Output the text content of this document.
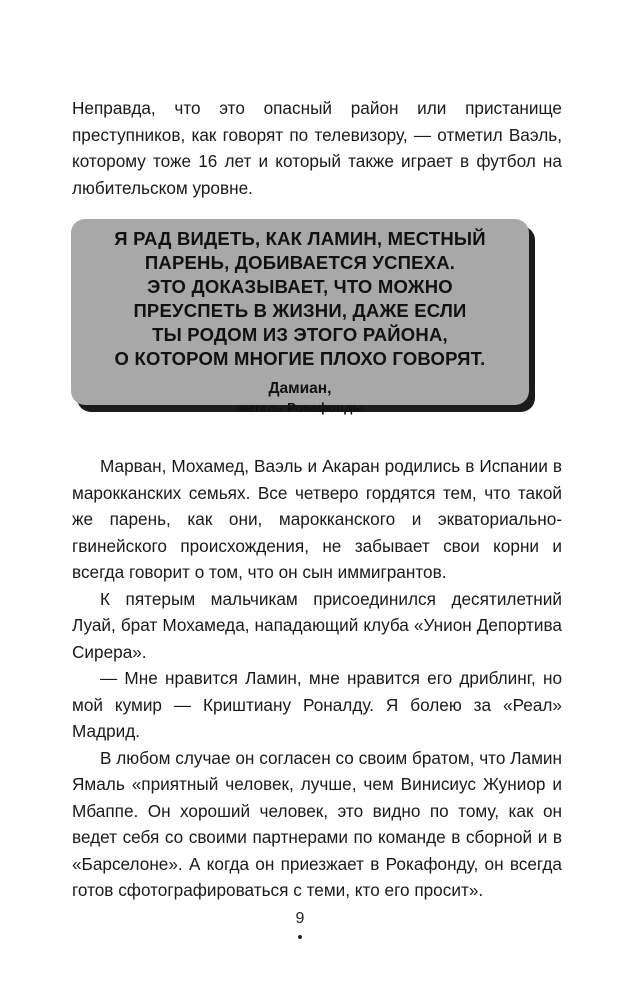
Неправда, что это опасный район или пристанище преступников, как говорят по телевизору, — отметил Ваэль, которому тоже 16 лет и который также играет в футбол на любительском уровне.

Я РАД ВИДЕТЬ, КАК ЛАМИН, МЕСТНЫЙ
ПАРЕНЬ, ДОБИВАЕТСЯ УСПЕХА.
ЭТО ДОКАЗЫВАЕТ, ЧТО МОЖНО
ПРЕУСПЕТЬ В ЖИЗНИ, ДАЖЕ ЕСЛИ
ТЫ РОДОМ ИЗ ЭТОГО РАЙОНА,
О КОТОРОМ МНОГИЕ ПЛОХО ГОВОРЯТ.
Дамиан,
житель Рокафонды

Марван, Мохамед, Ваэль и Акаран родились в Испании в марокканских семьях. Все четверо гордятся тем, что такой же парень, как они, марокканского и экваториально-гвинейского происхождения, не забывает свои корни и всегда говорит о том, что он сын иммигрантов.

К пятерым мальчикам присоединился десятилетний Луай, брат Мохамеда, нападающий клуба «Унион Депортива Сирера».

— Мне нравится Ламин, мне нравится его дриблинг, но мой кумир — Криштиану Роналду. Я болею за «Реал» Мадрид.

В любом случае он согласен со своим братом, что Ламин Ямаль «приятный человек, лучше, чем Винисиус Жуниор и Мбаппе. Он хороший человек, это видно по тому, как он ведет себя со своими партнерами по команде в сборной и в «Барселоне». А когда он приезжает в Рокафонду, он всегда готов сфотографироваться с теми, кто его просит».

9
